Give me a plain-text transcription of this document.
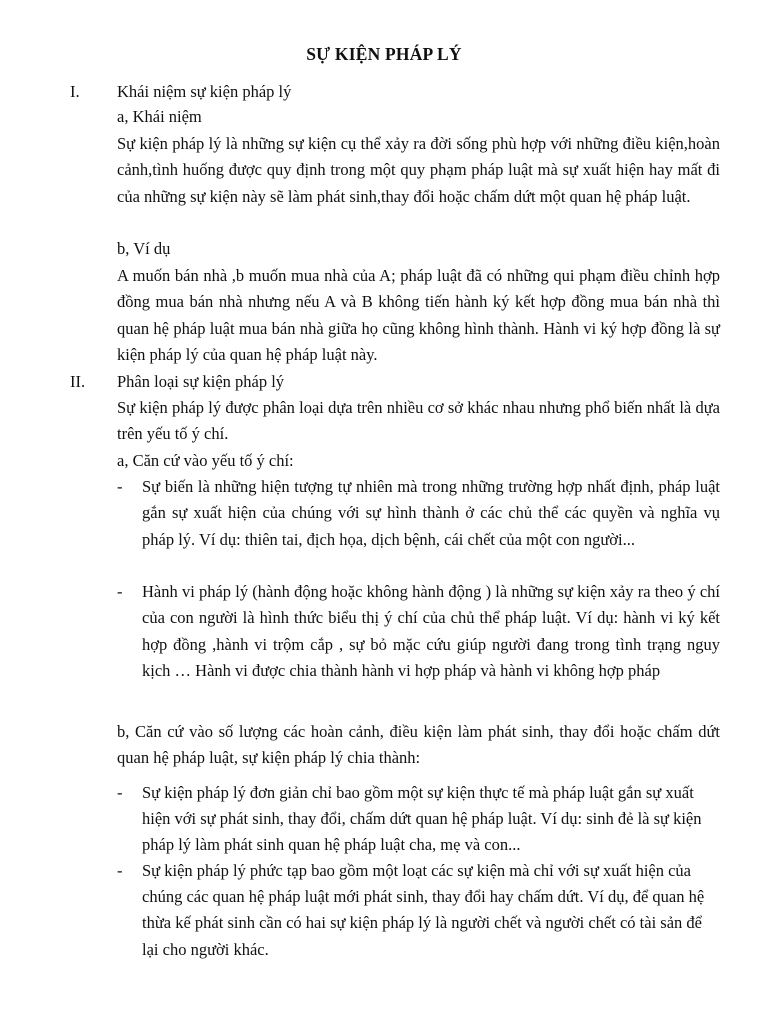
SỰ KIỆN PHÁP LÝ
I. Khái niệm sự kiện pháp lý
a, Khái niệm
Sự kiện pháp lý là những sự kiện cụ thể xảy ra đời sống phù hợp với những điều kiện,hoàn cảnh,tình huống được quy định trong một quy phạm pháp luật mà sự xuất hiện hay mất đi của những sự kiện này sẽ làm phát sinh,thay đổi hoặc chấm dứt một quan hệ pháp luật.
b, Ví dụ
A muốn bán nhà ,b muốn mua nhà của A; pháp luật đã có những qui phạm điều chỉnh hợp đồng mua bán nhà nhưng nếu A và B không tiến hành ký kết hợp đồng mua bán nhà thì quan hệ pháp luật mua bán nhà giữa họ cũng không hình thành. Hành vi ký hợp đồng là sự kiện pháp lý của quan hệ pháp luật này.
II. Phân loại sự kiện pháp lý
Sự kiện pháp lý được phân loại dựa trên nhiều cơ sở khác nhau nhưng phổ biến nhất là dựa trên yếu tố ý chí.
a, Căn cứ vào yếu tố ý chí:
- Sự biến là những hiện tượng tự nhiên mà trong những trường hợp nhất định, pháp luật gắn sự xuất hiện của chúng với sự hình thành ở các chủ thể các quyền và nghĩa vụ pháp lý. Ví dụ: thiên tai, địch họa, dịch bệnh, cái chết của một con người...
- Hành vi pháp lý (hành động hoặc không hành động ) là những sự kiện xảy ra theo ý chí của con người là hình thức biểu thị ý chí của chủ thể pháp luật. Ví dụ: hành vi ký kết hợp đồng ,hành vi trộm cắp , sự bỏ mặc cứu giúp người đang trong tình trạng nguy kịch … Hành vi được chia thành hành vi hợp pháp và hành vi không hợp pháp
b, Căn cứ vào số lượng các hoàn cảnh, điều kiện làm phát sinh, thay đổi hoặc chấm dứt quan hệ pháp luật, sự kiện pháp lý chia thành:
- Sự kiện pháp lý đơn giản chỉ bao gồm một sự kiện thực tế mà pháp luật gắn sự xuất hiện với sự phát sinh, thay đổi, chấm dứt quan hệ pháp luật. Ví dụ: sinh đẻ là sự kiện pháp lý làm phát sinh quan hệ pháp luật cha, mẹ và con...
- Sự kiện pháp lý phức tạp bao gồm một loạt các sự kiện mà chỉ với sự xuất hiện của chúng các quan hệ pháp luật mới phát sinh, thay đổi hay chấm dứt. Ví dụ, để quan hệ thừa kế phát sinh cần có hai sự kiện pháp lý là người chết và người chết có tài sản để lại cho người khác.
